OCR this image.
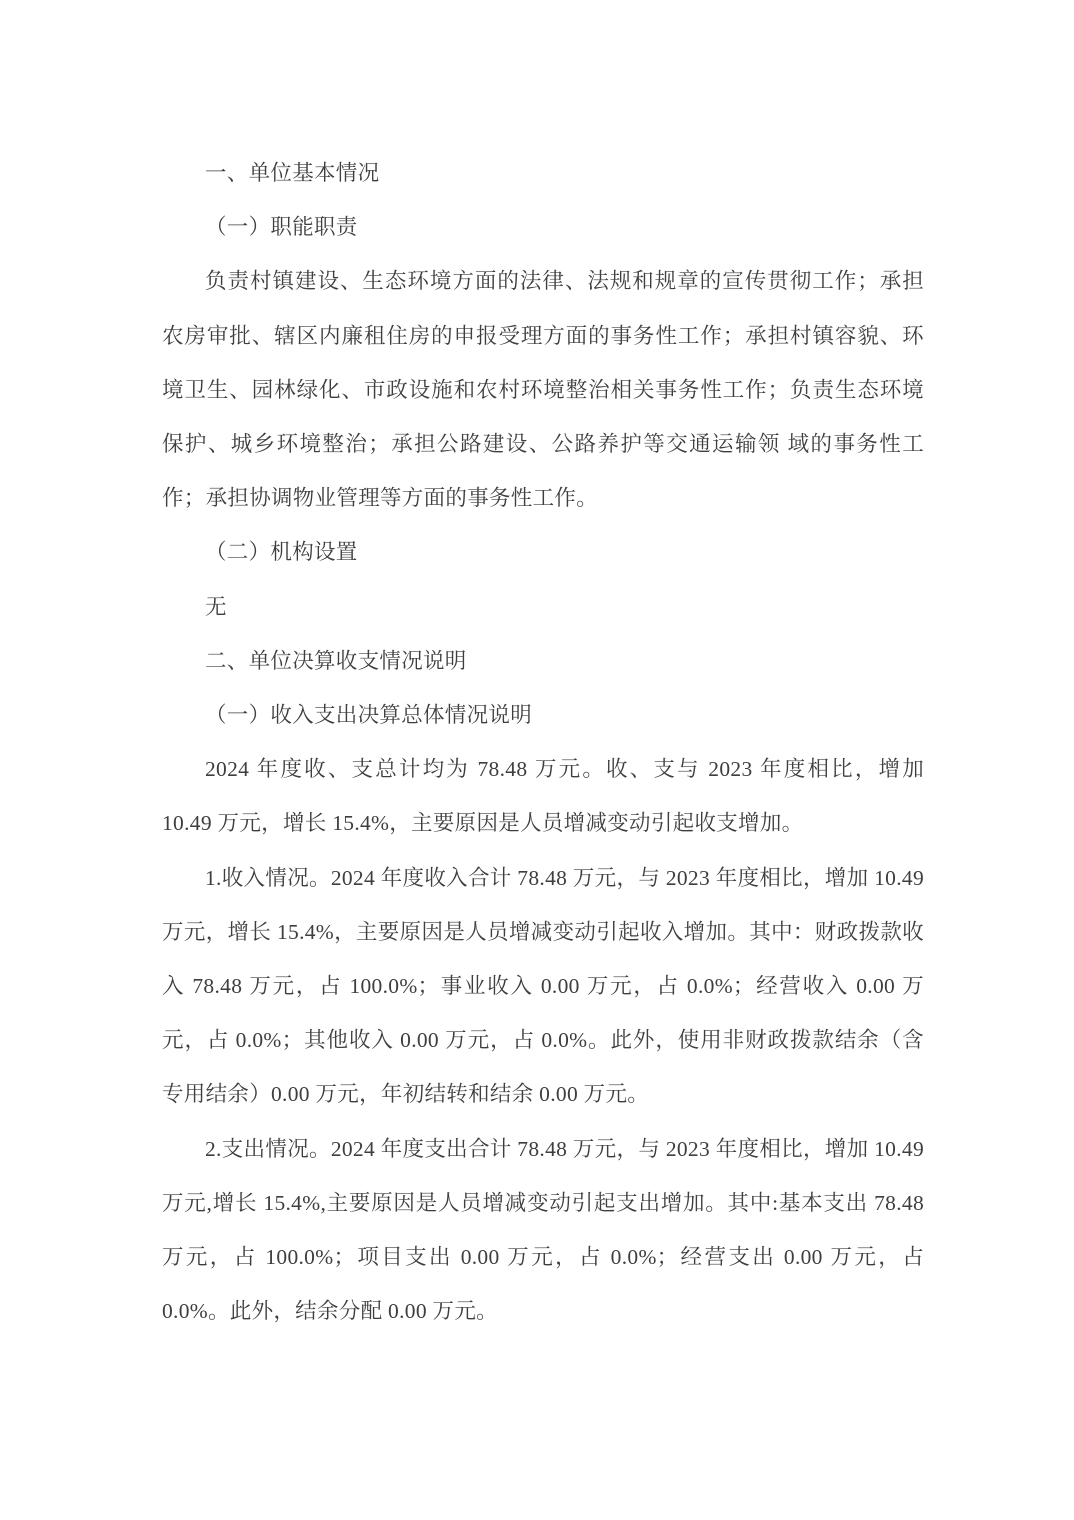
一、单位基本情况

（一）职能职责

负责村镇建设、生态环境方面的法律、法规和规章的宣传贯彻工作；承担农房审批、辖区内廉租住房的申报受理方面的事务性工作；承担村镇容貌、环境卫生、园林绿化、市政设施和农村环境整治相关事务性工作；负责生态环境保护、城乡环境整治；承担公路建设、公路养护等交通运输领 域的事务性工作；承担协调物业管理等方面的事务性工作。

（二）机构设置

无

二、单位决算收支情况说明

（一）收入支出决算总体情况说明

2024 年度收、支总计均为 78.48 万元。收、支与 2023 年度相比，增加 10.49 万元，增长 15.4%，主要原因是人员增减变动引起收支增加。

1.收入情况。2024 年度收入合计 78.48 万元，与 2023 年度相比，增加 10.49 万元，增长 15.4%，主要原因是人员增减变动引起收入增加。其中：财政拨款收入 78.48 万元，占 100.0%；事业收入 0.00 万元，占 0.0%；经营收入 0.00 万元，占 0.0%；其他收入 0.00 万元，占 0.0%。此外，使用非财政拨款结余（含专用结余）0.00 万元，年初结转和结余 0.00 万元。

2.支出情况。2024 年度支出合计 78.48 万元，与 2023 年度相比，增加 10.49 万元,增长 15.4%,主要原因是人员增减变动引起支出增加。其中:基本支出 78.48 万元，占 100.0%；项目支出 0.00 万元，占 0.0%；经营支出 0.00 万元，占 0.0%。此外，结余分配 0.00 万元。
